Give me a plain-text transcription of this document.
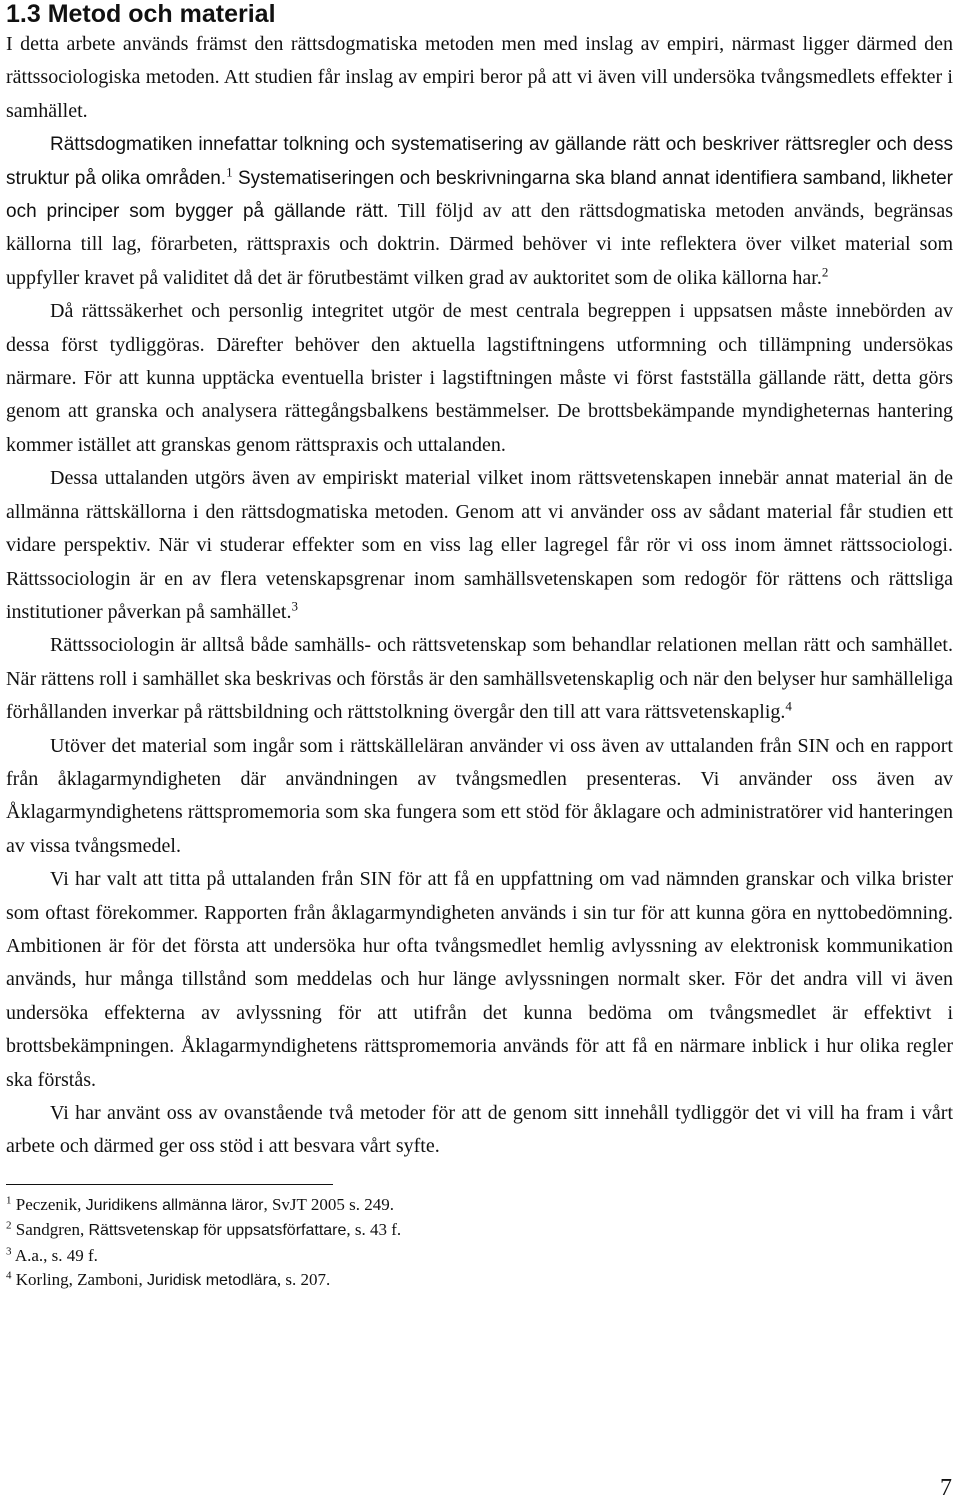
1.3 Metod och material

I detta arbete används främst den rättsdogmatiska metoden men med inslag av empiri, närmast ligger därmed den rättssociologiska metoden. Att studien får inslag av empiri beror på att vi även vill undersöka tvångsmedlets effekter i samhället.

Rättsdogmatiken innefattar tolkning och systematisering av gällande rätt och beskriver rättsregler och dess struktur på olika områden.$^1$ Systematiseringen och beskrivningarna ska bland annat identifiera samband, likheter och principer som bygger på gällande rätt. Till följd av att den rättsdogmatiska metoden används, begränsas källorna till lag, förarbeten, rättspraxis och doktrin. Därmed behöver vi inte reflektera över vilket material som uppfyller kravet på validitet då det är förutbestämt vilken grad av auktoritet som de olika källorna har.$^2$

Då rättssäkerhet och personlig integritet utgör de mest centrala begreppen i uppsatsen måste innebörden av dessa först tydliggöras. Därefter behöver den aktuella lagstiftningens utformning och tillämpning undersökas närmare. För att kunna upptäcka eventuella brister i lagstiftningen måste vi först fastställa gällande rätt, detta görs genom att granska och analysera rättegångsbalkens bestämmelser. De brottsbekämpande myndigheternas hantering kommer istället att granskas genom rättspraxis och uttalanden.

Dessa uttalanden utgörs även av empiriskt material vilket inom rättsvetenskapen innebär annat material än de allmänna rättskällorna i den rättsdogmatiska metoden. Genom att vi använder oss av sådant material får studien ett vidare perspektiv. När vi studerar effekter som en viss lag eller lagregel får rör vi oss inom ämnet rättssociologi. Rättssociologin är en av flera vetenskapsgrenar inom samhällsvetenskapen som redogör för rättens och rättsliga institutioner påverkan på samhället.$^3$

Rättssociologin är alltså både samhälls- och rättsvetenskap som behandlar relationen mellan rätt och samhället. När rättens roll i samhället ska beskrivas och förstås är den samhällsvetenskaplig och när den belyser hur samhälleliga förhållanden inverkar på rättsbildning och rättstolkning övergår den till att vara rättsvetenskaplig.$^4$

Utöver det material som ingår som i rättskälleläran använder vi oss även av uttalanden från SIN och en rapport från åklagarmyndigheten där användningen av tvångsmedlen presenteras. Vi använder oss även av Åklagarmyndighetens rättspromemoria som ska fungera som ett stöd för åklagare och administratörer vid hanteringen av vissa tvångsmedel.

Vi har valt att titta på uttalanden från SIN för att få en uppfattning om vad nämnden granskar och vilka brister som oftast förekommer. Rapporten från åklagarmyndigheten används i sin tur för att kunna göra en nyttobedömning. Ambitionen är för det första att undersöka hur ofta tvångsmedlet hemlig avlyssning av elektronisk kommunikation används, hur många tillstånd som meddelas och hur länge avlyssningen normalt sker. För det andra vill vi även undersöka effekterna av avlyssning för att utifrån det kunna bedöma om tvångsmedlet är effektivt i brottsbekämpningen. Åklagarmyndighetens rättspromemoria används för att få en närmare inblick i hur olika regler ska förstås.

Vi har använt oss av ovanstående två metoder för att de genom sitt innehåll tydliggör det vi vill ha fram i vårt arbete och därmed ger oss stöd i att besvara vårt syfte.

$^1$ Peczenik, Juridikens allmänna läror, SvJT 2005 s. 249.

$^2$ Sandgren, Rättsvetenskap för uppsatsförfattare, s. 43 f.

$^3$ A.a., s. 49 f.

$^4$ Korling, Zamboni, Juridisk metodlära, s. 207.

7
